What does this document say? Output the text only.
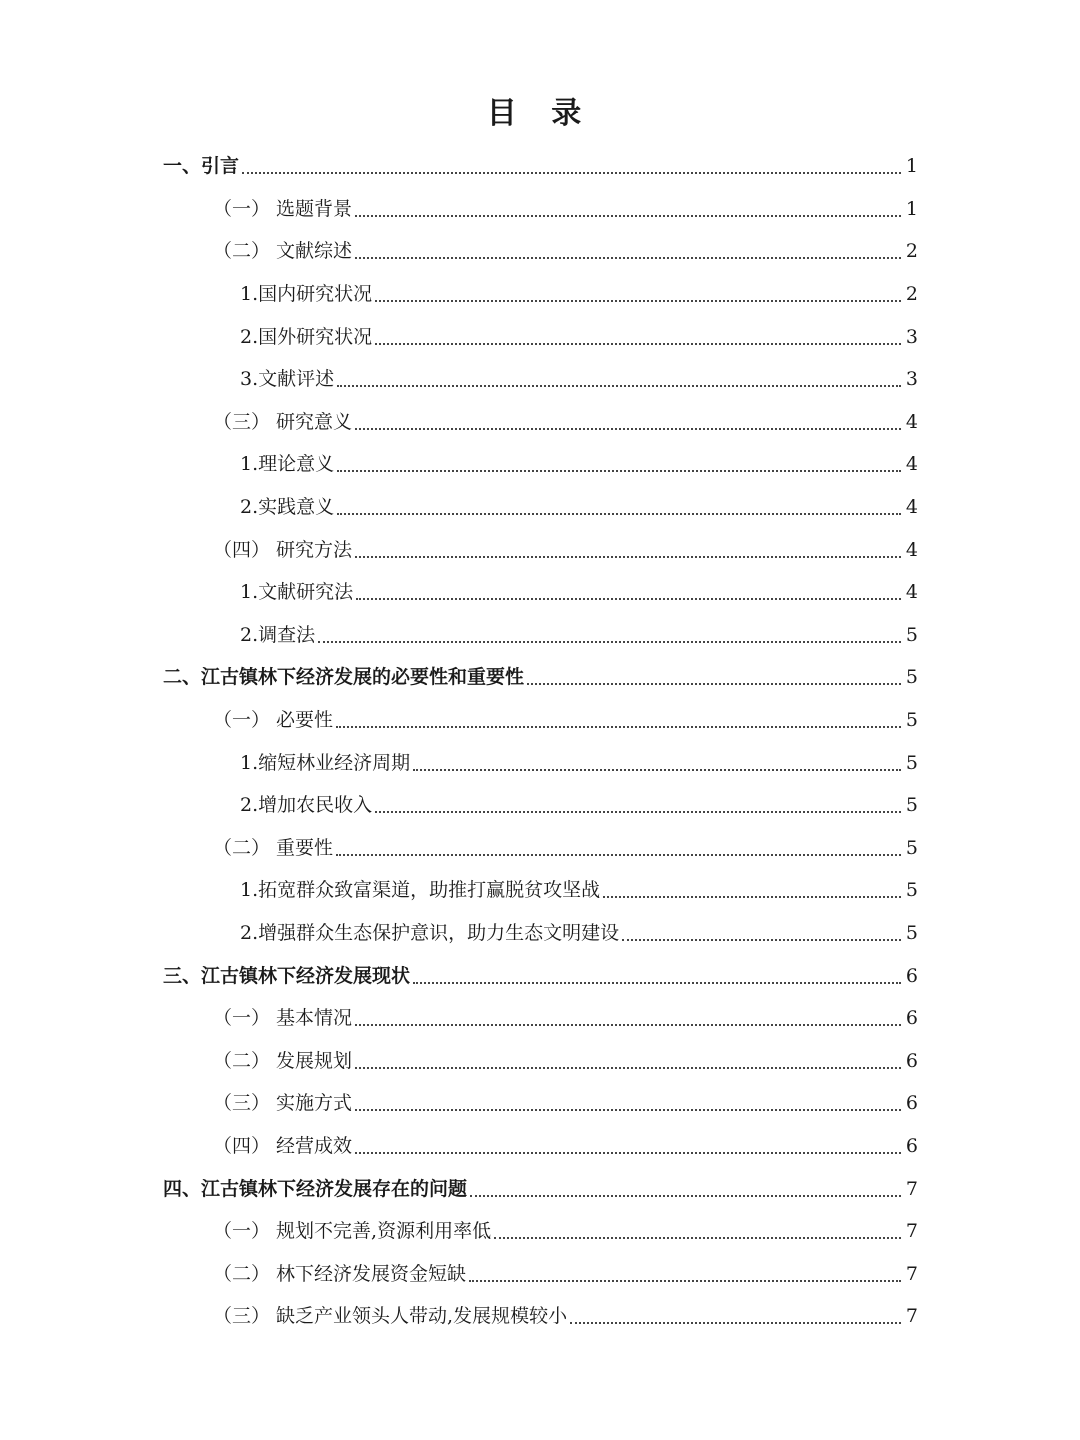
目 录
一、引言	1
（一） 选题背景	1
（二） 文献综述	2
1.国内研究状况	2
2.国外研究状况	3
3.文献评述	3
（三） 研究意义	4
1.理论意义	4
2.实践意义	4
（四） 研究方法	4
1.文献研究法	4
2.调查法	5
二、江古镇林下经济发展的必要性和重要性	5
（一） 必要性	5
1.缩短林业经济周期	5
2.增加农民收入	5
（二） 重要性	5
1.拓宽群众致富渠道，助推打赢脱贫攻坚战	5
2.增强群众生态保护意识，助力生态文明建设	5
三、江古镇林下经济发展现状	6
（一） 基本情况	6
（二） 发展规划	6
（三） 实施方式	6
（四） 经营成效	6
四、江古镇林下经济发展存在的问题	7
（一） 规划不完善,资源利用率低	7
（二） 林下经济发展资金短缺	7
（三） 缺乏产业领头人带动,发展规模较小	7
